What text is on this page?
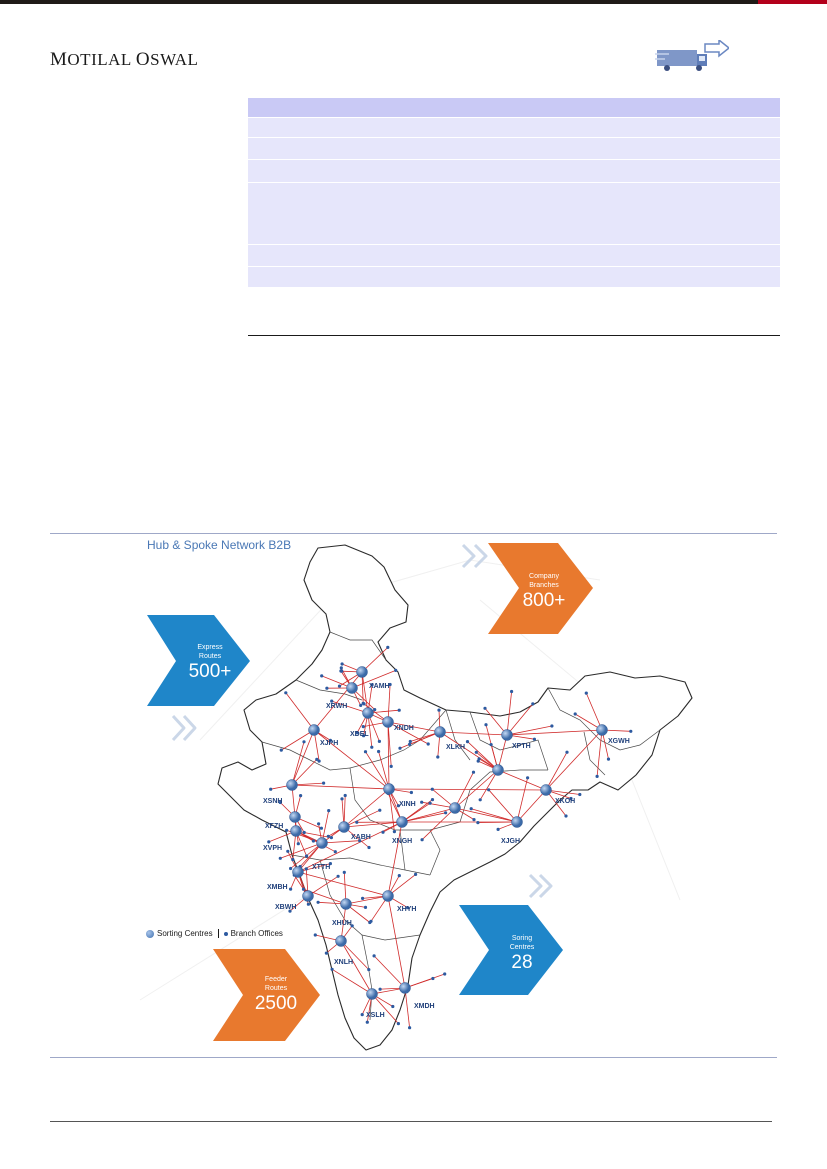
MOTILAL OSWAL
XAMH
XRWH
XDEL
XNDH
XJPH
XLKH	XPTH
XGWH
XSNH	XINH	XKOH
XFZH
XABH
XVPH
XNGH	XJGH
XTTH
XMBH
XBWH	XHYH
XHUH
XNLH
XMDH
XSLH
Hub & Spoke Network B2B
Express
Routes
500+
Company
Branches
800+
Soring
Centres
28
Feeder
Routes
2500
Sorting Centres Branch Offices
